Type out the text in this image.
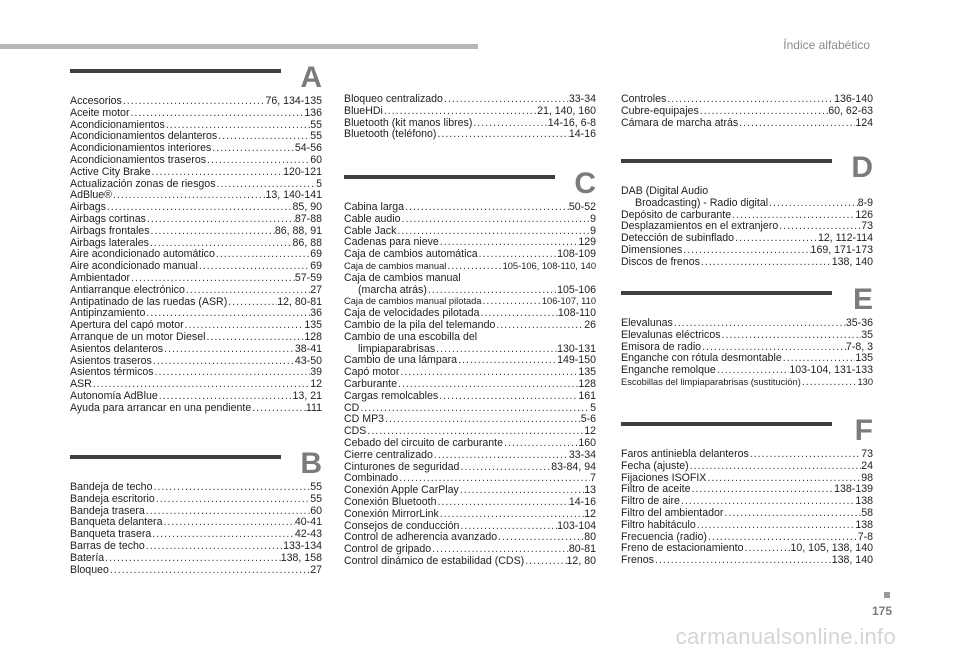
Índice alfabético
A
Accesorios .....	76, 134-135
Aceite motor .....	136
Acondicionamientos .....	55
Acondicionamientos delanteros .....	55
Acondicionamientos interiores .....	54-56
Acondicionamientos traseros .....	60
Active City Brake .....	120-121
Actualización zonas de riesgos .....	5
AdBlue® .....	13, 140-141
Airbags .....	85, 90
Airbags cortinas .....	87-88
Airbags frontales .....	86, 88, 91
Airbags laterales .....	86, 88
Aire acondicionado automático .....	69
Aire acondicionado manual .....	69
Ambientador .....	57-59
Antiarranque electrónico .....	27
Antipatinado de las ruedas (ASR) .....	12, 80-81
Antipinzamiento .....	36
Apertura del capó motor .....	135
Arranque de un motor Diesel .....	128
Asientos delanteros .....	38-41
Asientos traseros .....	43-50
Asientos térmicos .....	39
ASR .....	12
Autonomía AdBlue .....	13, 21
Ayuda para arrancar en una pendiente .....	111
B
Bandeja de techo .....	55
Bandeja escritorio .....	55
Bandeja trasera .....	60
Banqueta delantera .....	40-41
Banqueta trasera .....	42-43
Barras de techo .....	133-134
Batería .....	138, 158
Bloqueo .....	27
Bloqueo centralizado .....	33-34
BlueHDi .....	21, 140, 160
Bluetooth (kit manos libres) .....	14-16, 6-8
Bluetooth (teléfono) .....	14-16
C
Cabina larga .....	50-52
Cable audio .....	9
Cable Jack .....	9
Cadenas para nieve .....	129
Caja de cambios automática .....	108-109
Caja de cambios manual .....	105-106, 108-110, 140
Caja de cambios manual
(marcha atrás) .....	105-106
Caja de cambios manual pilotada .....	106-107, 110
Caja de velocidades pilotada .....	108-110
Cambio de la pila del telemando .....	26
Cambio de una escobilla del
limpiaparabrisas .....	130-131
Cambio de una lámpara .....	149-150
Capó motor .....	135
Carburante .....	128
Cargas remolcables .....	161
CD .....	5
CD MP3 .....	5-6
CDS .....	12
Cebado del circuito de carburante .....	160
Cierre centralizado .....	33-34
Cinturones de seguridad .....	83-84, 94
Combinado .....	7
Conexión Apple CarPlay .....	13
Conexión Bluetooth .....	14-16
Conexión MirrorLink .....	12
Consejos de conducción .....	103-104
Control de adherencia avanzado .....	80
Control de gripado .....	80-81
Control dinámico de estabilidad (CDS) .....	12, 80
Controles .....	136-140
Cubre-equipajes .....	60, 62-63
Cámara de marcha atrás .....	124
D
DAB (Digital Audio
Broadcasting) - Radio digital .....	8-9
Depósito de carburante .....	126
Desplazamientos en el extranjero .....	73
Detección de subinflado .....	12, 112-114
Dimensiones .....	169, 171-173
Discos de frenos .....	138, 140
E
Elevalunas .....	35-36
Elevalunas eléctricos .....	35
Emisora de radio .....	7-8, 3
Enganche con rótula desmontable .....	135
Enganche remolque .....	103-104, 131-133
Escobillas del limpiaparabrisas (sustitución) .....	130
F
Faros antiniebla delanteros .....	73
Fecha (ajuste) .....	24
Fijaciones ISOFIX .....	98
Filtro de aceite .....	138-139
Filtro de aire .....	138
Filtro del ambientador .....	58
Filtro habitáculo .....	138
Frecuencia (radio) .....	7-8
Freno de estacionamiento .....	10, 105, 138, 140
Frenos .....	138, 140
175
carmanualsonline.info
